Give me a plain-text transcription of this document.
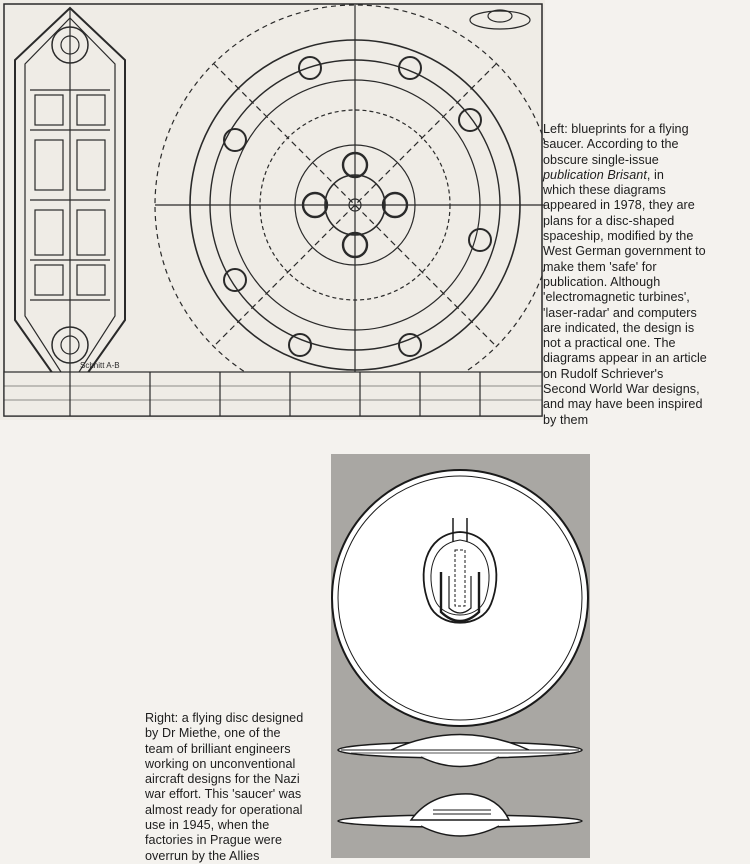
Schnitt A-B

Left: blueprints for a flying
saucer. According to the
obscure single-issue
publication Brisant, in
which these diagrams
appeared in 1978, they are
plans for a disc-shaped
spaceship, modified by the
West German government to
make them 'safe' for
publication. Although
'electromagnetic turbines',
'laser-radar' and computers
are indicated, the design is
not a practical one. The
diagrams appear in an article
on Rudolf Schriever's
Second World War designs,
and may have been inspired
by them

Right: a flying disc designed
by Dr Miethe, one of the
team of brilliant engineers
working on unconventional
aircraft designs for the Nazi
war effort. This 'saucer' was
almost ready for operational
use in 1945, when the
factories in Prague were
overrun by the Allies
